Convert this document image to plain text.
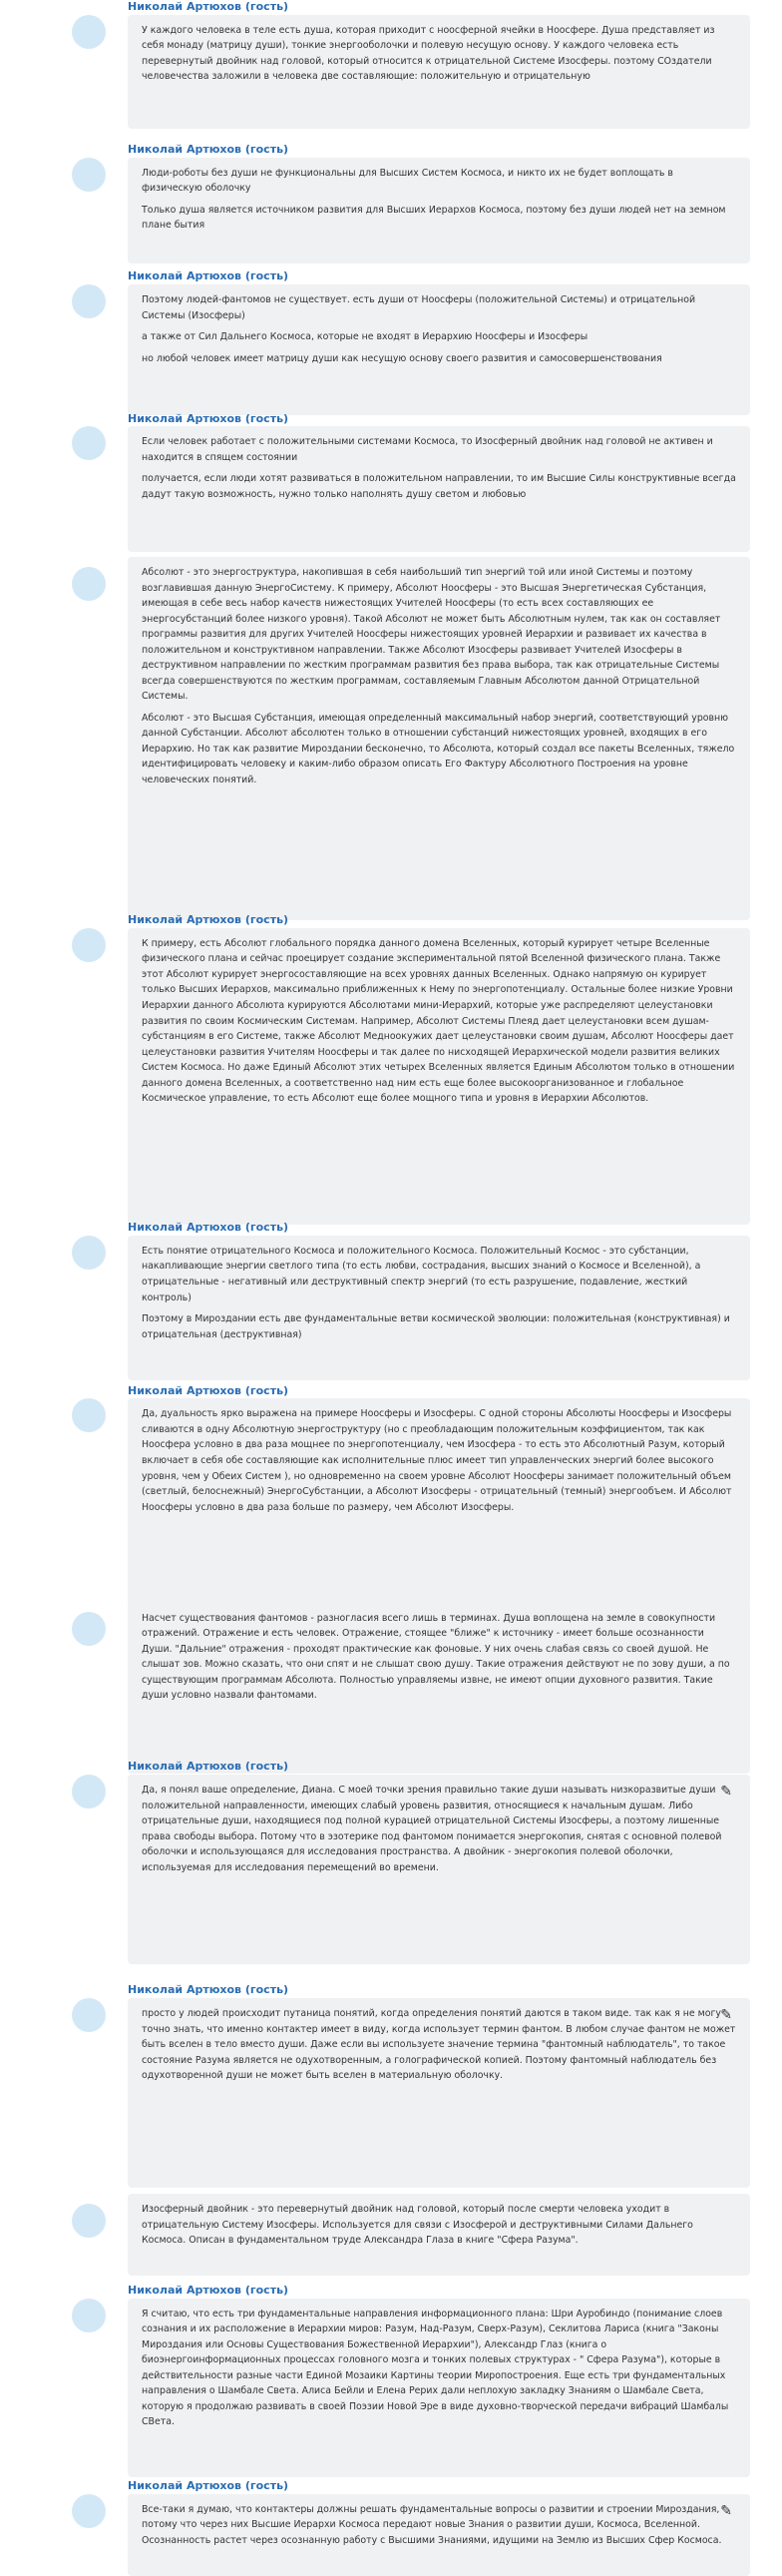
Николай Артюхов (гость)

У каждого человека в теле есть душа, которая приходит с ноосферной ячейки в Ноосфере. Душа представляет из себя монаду (матрицу души), тонкие энергооболочки и полевую несущую основу. У каждого человека есть перевернутый двойник над головой, который относится к отрицательной Системе Изосферы. поэтому СОздатели человечества заложили в человека две составляющие: положительную и отрицательную

Николай Артюхов (гость)

Люди-роботы без души не функциональны для Высших Систем Космоса, и никто их не будет воплощать в физическую оболочку

Только душа является источником развития для Высших Иерархов Космоса, поэтому без души людей нет на земном плане бытия

Николай Артюхов (гость)

Поэтому людей-фантомов не существует. есть души от Ноосферы (положительной Системы) и отрицательной Системы (Изосферы)

а также от Сил Дальнего Космоса, которые не входят в Иерархию Ноосферы и Изосферы

но любой человек имеет матрицу души как несущую основу своего развития и самосовершенствования

Николай Артюхов (гость)

Если человек работает с положительными системами Космоса, то Изосферный двойник над головой не активен и находится в спящем состоянии

получается, если люди хотят развиваться в положительном направлении, то им Высшие Силы конструктивные всегда дадут такую возможность, нужно только наполнять душу светом и любовью

Абсолют - это энергоструктура, накопившая в себя наибольший тип энергий той или иной Системы и поэтому возглавившая данную ЭнергоСистему. К примеру, Абсолют Ноосферы - это Высшая Энергетическая Субстанция, имеющая в себе весь набор качеств нижестоящих Учителей Ноосферы (то есть всех составляющих ее энергосубстанций более низкого уровня). Такой Абсолют не может быть Абсолютным нулем, так как он составляет программы развития для других Учителей Ноосферы нижестоящих уровней Иерархии и развивает их качества в положительном и конструктивном направлении. Также Абсолют Изосферы развивает Учителей Изосферы в деструктивном направлении по жестким программам развития без права выбора, так как отрицательные Системы всегда совершенствуются по жестким программам, составляемым Главным Абсолютом данной Отрицательной Системы.

Абсолют - это Высшая Субстанция, имеющая определенный максимальный набор энергий, соответствующий уровню данной Субстанции. Абсолют абсолютен только в отношении субстанций нижестоящих уровней, входящих в его Иерархию. Но так как развитие Мироздании бесконечно, то Абсолюта, который создал все пакеты Вселенных, тяжело идентифицировать человеку и каким-либо образом описать Его Фактуру Абсолютного Построения на уровне человеческих понятий.

Николай Артюхов (гость)

К примеру, есть Абсолют глобального порядка данного домена Вселенных, который курирует четыре Вселенные физического плана и сейчас проецирует создание экспериментальной пятой Вселенной физического плана. Также этот Абсолют курирует энергосоставляющие на всех уровнях данных Вселенных. Однако напрямую он курирует только Высших Иерархов, максимально приближенных к Нему по энергопотенциалу. Остальные более низкие Уровни Иерархии данного Абсолюта курируются Абсолютами мини-Иерархий, которые уже распределяют целеустановки развития по своим Космическим Системам. Например, Абсолют Системы Плеяд дает целеустановки всем душам-субстанциям в его Системе, также Абсолют Медноокужих дает целеустановки своим душам, Абсолют Ноосферы дает целеустановки развития Учителям Ноосферы и так далее по нисходящей Иерархической модели развития великих Систем Космоса. Но даже Единый Абсолют этих четырех Вселенных является Единым Абсолютом только в отношении данного домена Вселенных, а соответственно над ним есть еще более высокоорганизованное и глобальное Космическое управление, то есть Абсолют еще более мощного типа и уровня в Иерархии Абсолютов.

Николай Артюхов (гость)

Есть понятие отрицательного Космоса и положительного Космоса. Положительный Космос - это субстанции, накапливающие энергии светлого типа (то есть любви, сострадания, высших знаний о Космосе и Вселенной), а отрицательные - негативный или деструктивный спектр энергий (то есть разрушение, подавление, жесткий контроль)

Поэтому в Мироздании есть две фундаментальные ветви космической эволюции: положительная (конструктивная) и отрицательная (деструктивная)

Николай Артюхов (гость)

Да, дуальность ярко выражена на примере Ноосферы и Изосферы. С одной стороны Абсолюты Ноосферы и Изосферы сливаются в одну Абсолютную энергоструктуру (но с преобладающим положительным коэффициентом, так как Ноосфера условно в два раза мощнее по энергопотенциалу, чем Изосфера - то есть это Абсолютный Разум, который включает в себя обе составляющие как исполнительные плюс имеет тип управленческих энергий более высокого уровня, чем у Обеих Систем ), но одновременно на своем уровне Абсолют Ноосферы занимает положительный объем (светлый, белоснежный) ЭнергоСубстанции, а Абсолют Изосферы - отрицательный (темный) энергообъем. И Абсолют Ноосферы условно в два раза больше по размеру, чем Абсолют Изосферы.

Насчет существования фантомов - разногласия всего лишь в терминах. Душа воплощена на земле в совокупности отражений. Отражение и есть человек. Отражение, стоящее "ближе" к источнику - имеет больше осознанности Души. "Дальние" отражения - проходят практические как фоновые. У них очень слабая связь со своей душой. Не слышат зов. Можно сказать, что они спят и не слышат свою душу. Такие отражения действуют не по зову души, а по существующим программам Абсолюта. Полностью управляемы извне, не имеют опции духовного развития. Такие души условно назвали фантомами.

Николай Артюхов (гость)

Да, я понял ваше определение, Диана. С моей точки зрения правильно такие души называть низкоразвитые души положительной направленности, имеющих слабый уровень развития, относящиеся к начальным душам. Либо отрицательные души, находящиеся под полной курацией отрицательной Системы Изосферы, а поэтому лишенные права свободы выбора. Потому что в эзотерике под фантомом понимается энергокопия, снятая с основной полевой оболочки и использующаяся для исследования пространства. А двойник - энергокопия полевой оболочки, используемая для исследования перемещений во времени.

✎
Николай Артюхов (гость)

просто у людей происходит путаница понятий, когда определения понятий даются в таком виде. так как я не могу точно знать, что именно контактер имеет в виду, когда использует термин фантом. В любом случае фантом не может быть вселен в тело вместо души. Даже если вы используете значение термина "фантомный наблюдатель", то такое состояние Разума является не одухотворенным, а голографической копией. Поэтому фантомный наблюдатель без одухотворенной души не может быть вселен в материальную оболочку.

✎

Изосферный двойник - это перевернутый двойник над головой, который после смерти человека уходит в отрицательную Систему Изосферы. Используется для связи с Изосферой и деструктивными Силами Дальнего Космоса. Описан в фундаментальном труде Александра Глаза в книге "Сфера Разума".

Николай Артюхов (гость)

Я считаю, что есть три фундаментальные направления информационного плана: Шри Ауробиндо (понимание слоев сознания и их расположение в Иерархии миров: Разум, Над-Разум, Сверх-Разум), Секлитова Лариса (книга "Законы Мироздания или Основы Существования Божественной Иерархии"), Александр Глаз (книга о биоэнергоинформационных процессах головного мозга и тонких полевых структурах - " Сфера Разума"), которые в действительности разные части Единой Мозаики Картины теории Миропостроения. Еще есть три фундаментальных направления о Шамбале Света. Алиса Бейли и Елена Рерих дали неплохую закладку Знаниям о Шамбале Света, которую я продолжаю развивать в своей Поэзии Новой Эре в виде духовно-творческой передачи вибраций Шамбалы СВета.

Николай Артюхов (гость)

Все-таки я думаю, что контактеры должны решать фундаментальные вопросы о развитии и строении Мироздания, потому что через них Высшие Иерархи Космоса передают новые Знания о развитии души, Космоса, Вселенной. Осознанность растет через осознанную работу с Высшими Знаниями, идущими на Землю из Высших Сфер Космоса.

✎
